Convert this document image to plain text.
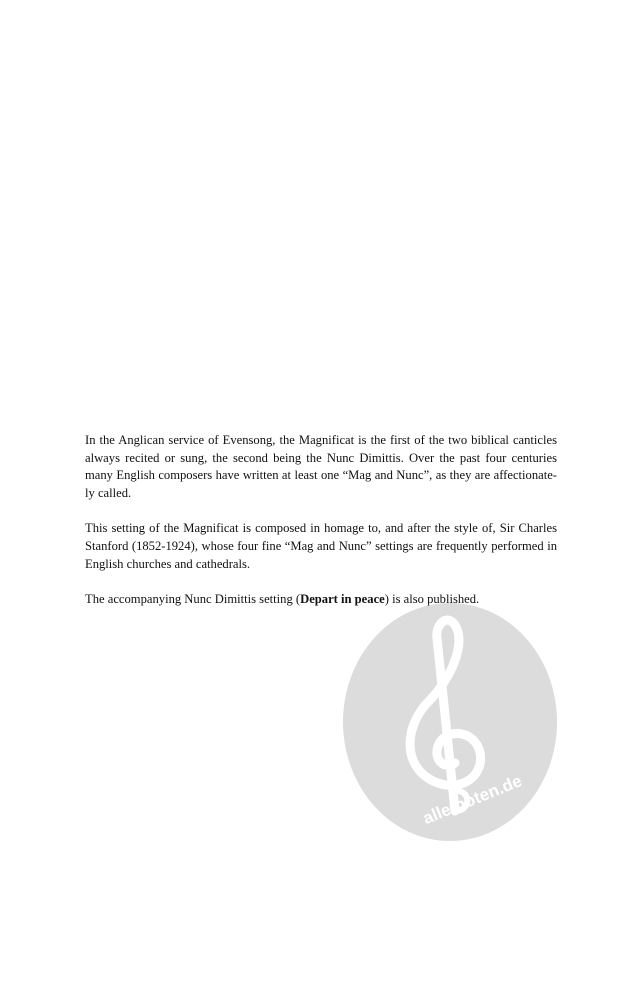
In the Anglican service of Evensong, the Magnificat is the first of the two biblical canticles always recited or sung, the second being the Nunc Dimittis. Over the past four centuries many English composers have written at least one “Mag and Nunc”, as they are affectionate-ly called.

This setting of the Magnificat is composed in homage to, and after the style of, Sir Charles Stanford (1852-1924), whose four fine “Mag and Nunc” settings are frequently performed in English churches and cathedrals.

The accompanying Nunc Dimittis setting (Depart in peace) is also published.

alle-noten.de
